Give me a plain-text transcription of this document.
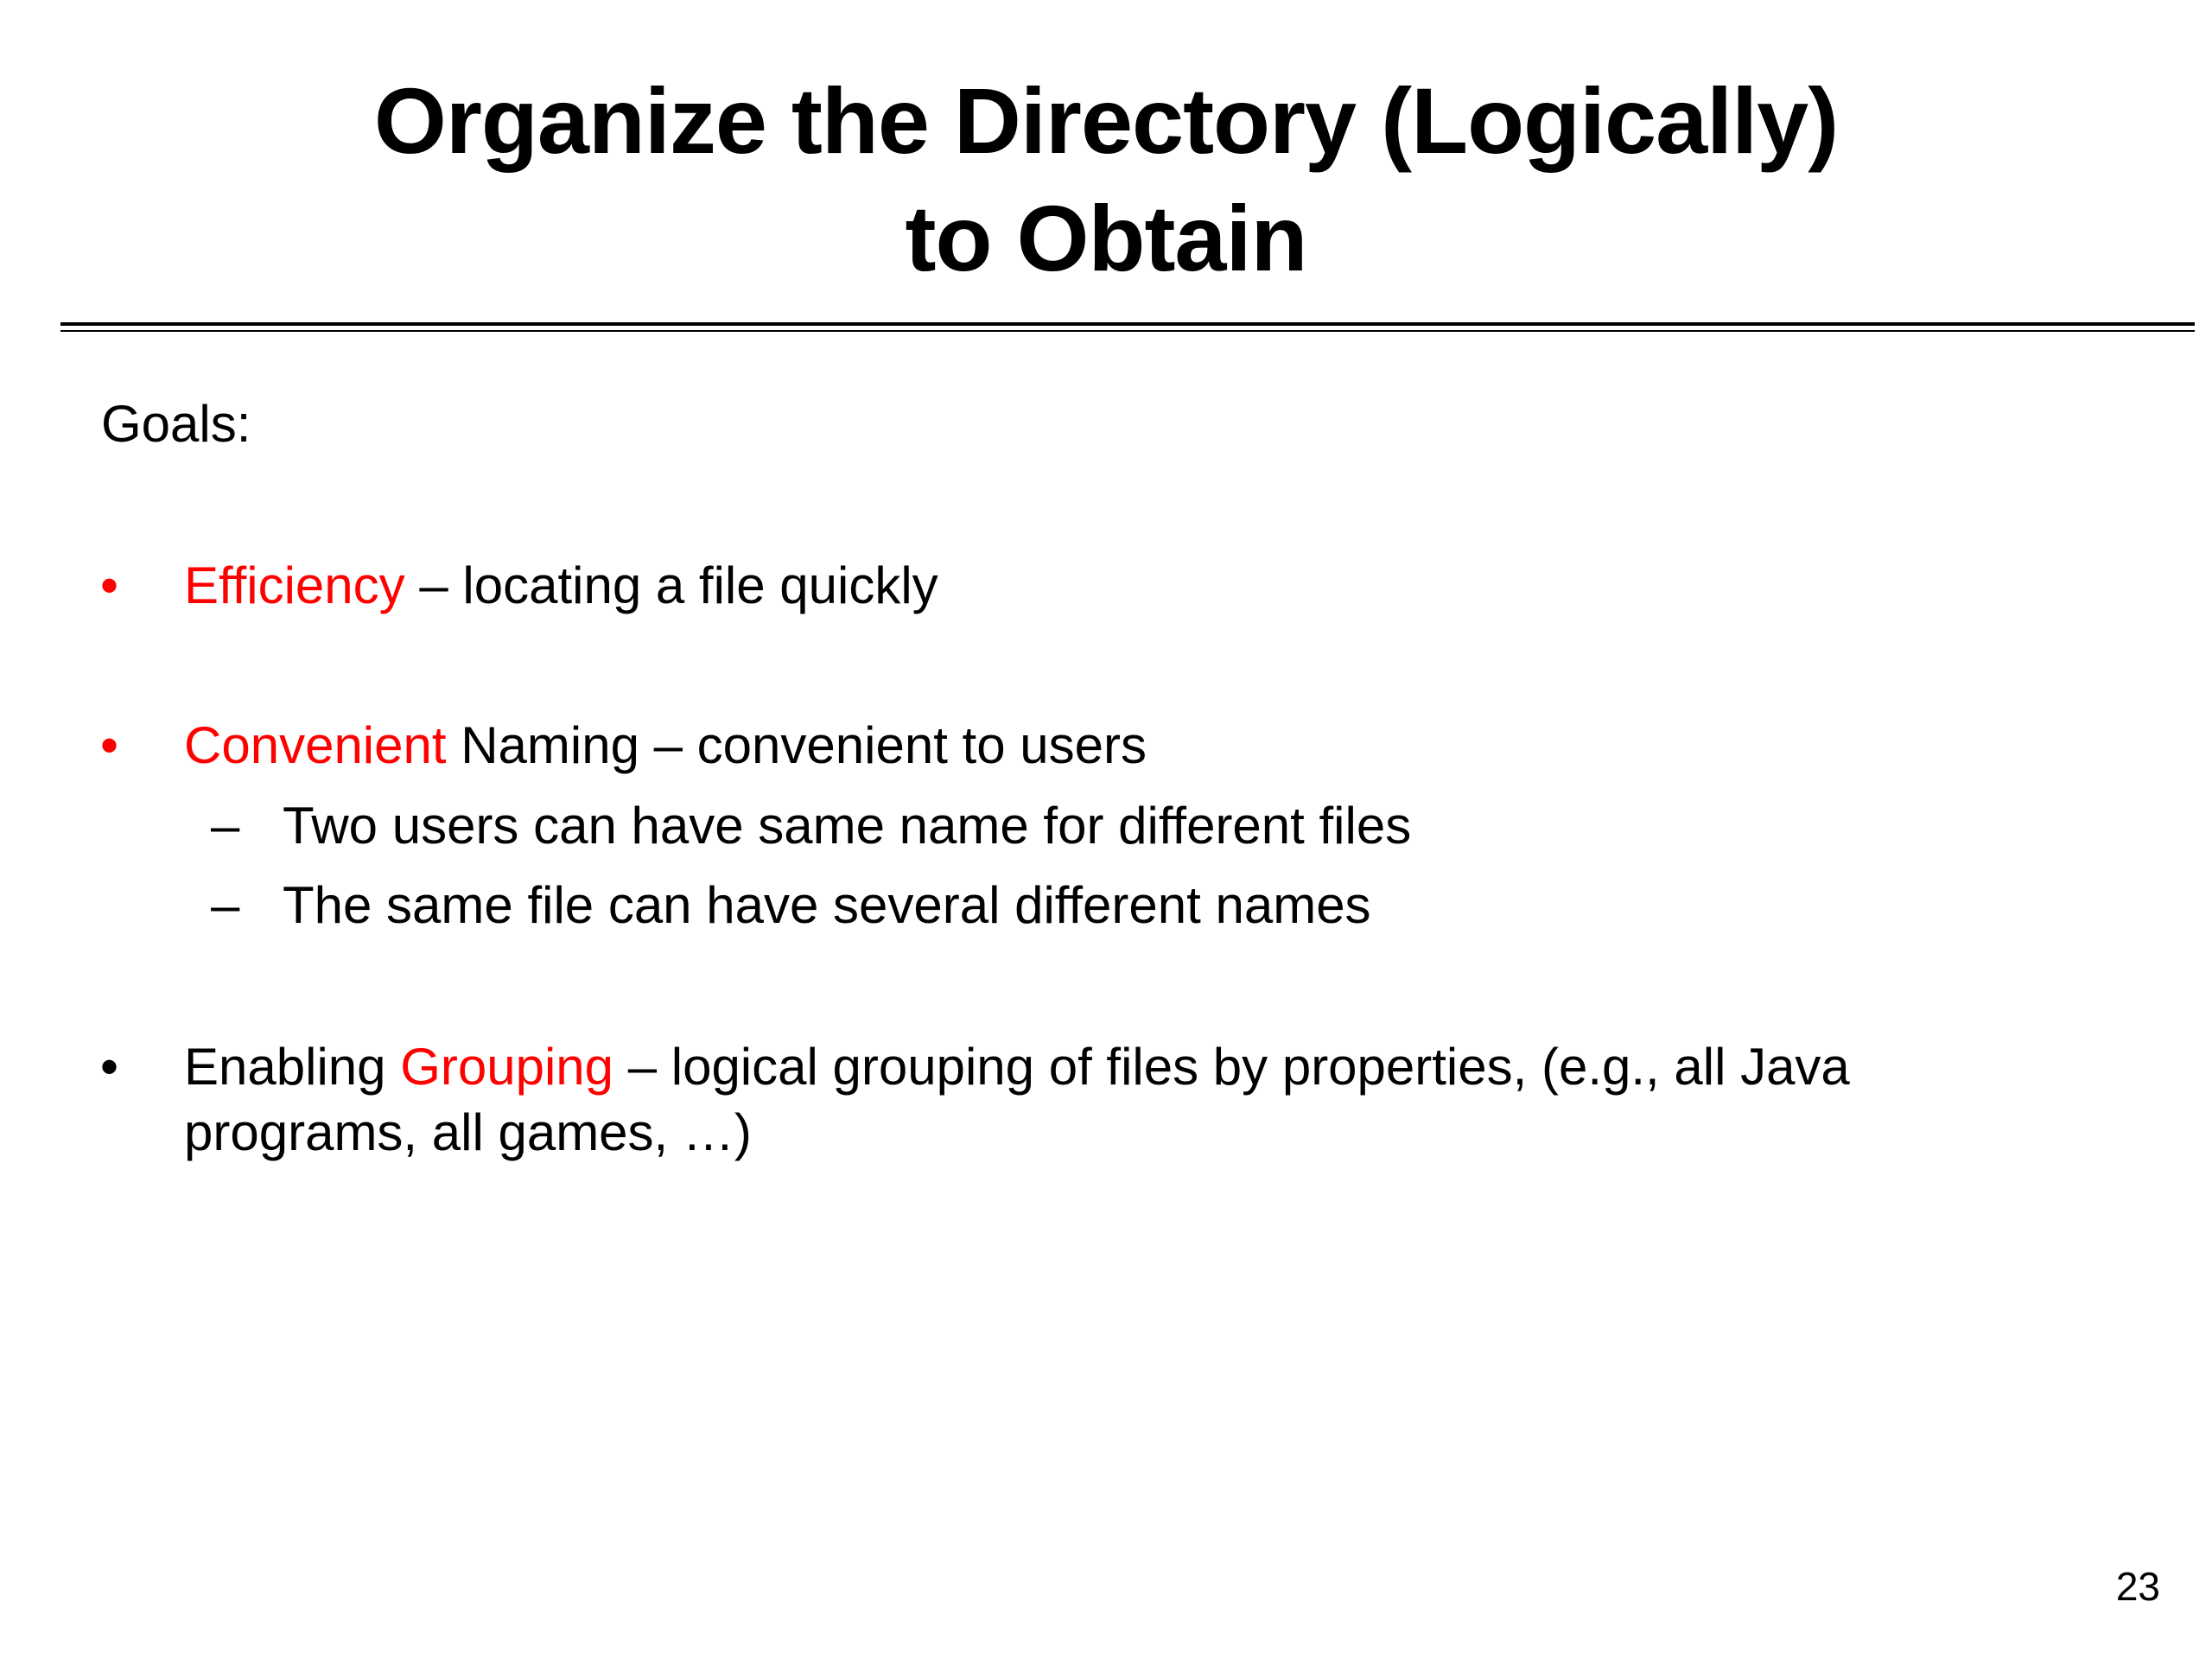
Organize the Directory (Logically)
to Obtain
Goals:
•	Efficiency – locating a file quickly
•	Convenient Naming – convenient to users
– Two users can have same name for different files
– The same file can have several different names
•	Enabling Grouping – logical grouping of files by properties, (e.g., all Java programs, all games, …)
23
